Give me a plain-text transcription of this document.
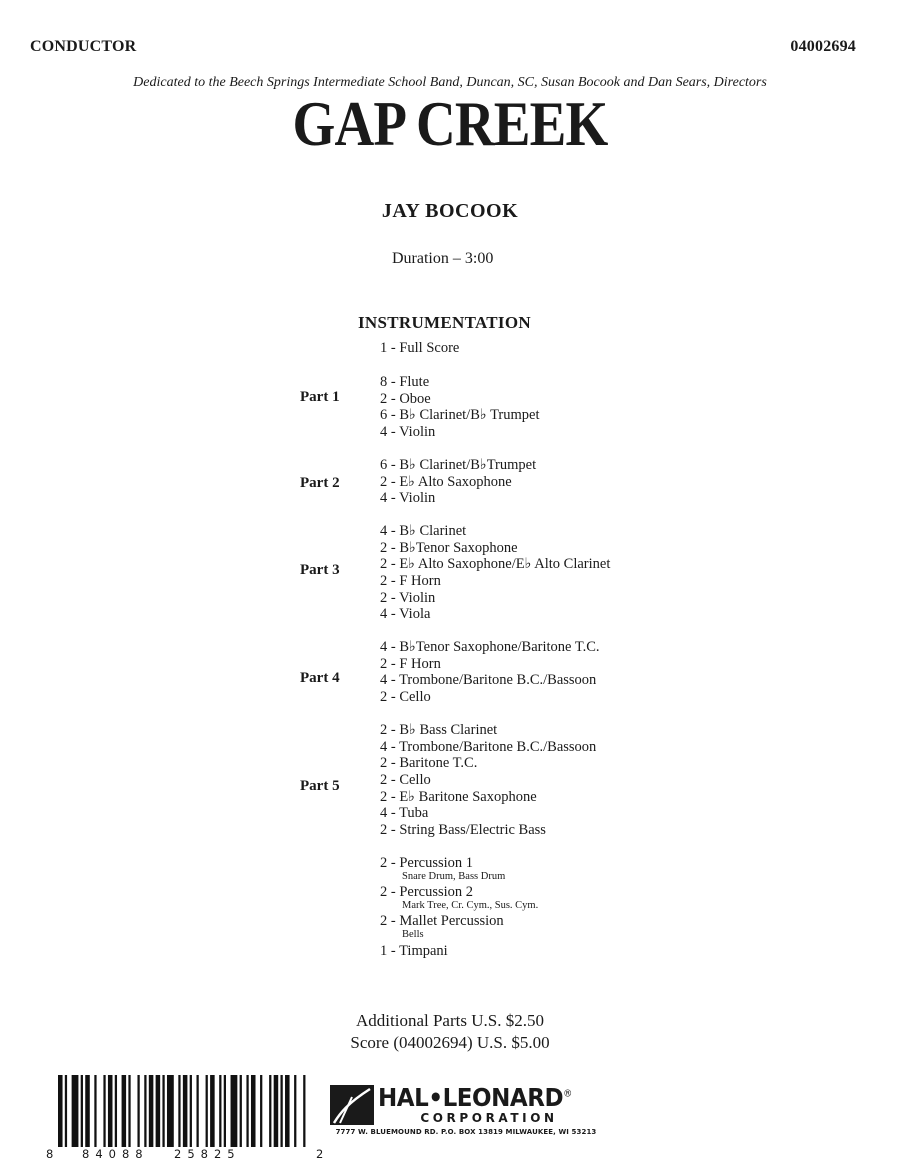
CONDUCTOR	04002694
Dedicated to the Beech Springs Intermediate School Band, Duncan, SC, Susan Bocook and Dan Sears, Directors
GAP CREEK
JAY BOCOOK
Duration – 3:00
INSTRUMENTATION
1 - Full Score
Part 1
8 - Flute
2 - Oboe
6 - B♭ Clarinet/B♭ Trumpet
4 - Violin
Part 2
6 - B♭ Clarinet/B♭Trumpet
2 - E♭ Alto Saxophone
4 - Violin
Part 3
4 - B♭ Clarinet
2 - B♭Tenor Saxophone
2 - E♭ Alto Saxophone/E♭ Alto Clarinet
2 - F Horn
2 - Violin
4 - Viola
Part 4
4 - B♭Tenor Saxophone/Baritone T.C.
2 - F Horn
4 - Trombone/Baritone B.C./Bassoon
2 - Cello
Part 5
2 - B♭ Bass Clarinet
4 - Trombone/Baritone B.C./Bassoon
2 - Baritone T.C.
2 - Cello
2 - E♭ Baritone Saxophone
4 - Tuba
2 - String Bass/Electric Bass
2 - Percussion 1
Snare Drum, Bass Drum
2 - Percussion 2
Mark Tree, Cr. Cym., Sus. Cym.
2 - Mallet Percussion
Bells
1 - Timpani
Additional Parts U.S. $2.50
Score (04002694) U.S. $5.00
8 84088 25825	2
HAL•LEONARD®
CORPORATION
7777 W. BLUEMOUND RD. P.O. BOX 13819 MILWAUKEE, WI 53213
